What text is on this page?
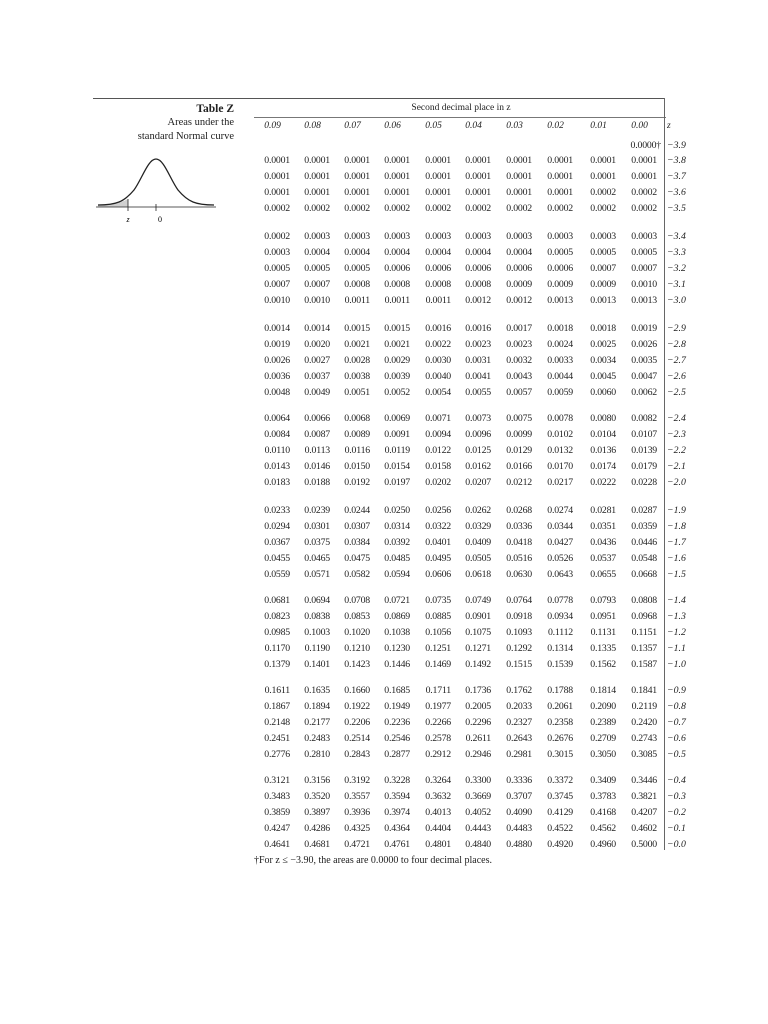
Table Z
Areas under the
standard Normal curve
z	0
Second decimal place in z
0.09	0.08	0.07	0.06	0.05	0.04	0.03	0.02	0.01	0.00	z
0.0000† −3.9
0.0001	0.0001	0.0001	0.0001	0.0001	0.0001	0.0001	0.0001	0.0001	0.0001 −3.8
0.0001	0.0001	0.0001	0.0001	0.0001	0.0001	0.0001	0.0001	0.0001	0.0001 −3.7
0.0001	0.0001	0.0001	0.0001	0.0001	0.0001	0.0001	0.0001	0.0002	0.0002 −3.6
0.0002	0.0002	0.0002	0.0002	0.0002	0.0002	0.0002	0.0002	0.0002	0.0002 −3.5
0.0002	0.0003	0.0003	0.0003	0.0003	0.0003	0.0003	0.0003	0.0003	0.0003 −3.4
0.0003	0.0004	0.0004	0.0004	0.0004	0.0004	0.0004	0.0005	0.0005	0.0005 −3.3
0.0005	0.0005	0.0005	0.0006	0.0006	0.0006	0.0006	0.0006	0.0007	0.0007 −3.2
0.0007	0.0007	0.0008	0.0008	0.0008	0.0008	0.0009	0.0009	0.0009	0.0010 −3.1
0.0010	0.0010	0.0011	0.0011	0.0011	0.0012	0.0012	0.0013	0.0013	0.0013 −3.0
0.0014	0.0014	0.0015	0.0015	0.0016	0.0016	0.0017	0.0018	0.0018	0.0019 −2.9
0.0019	0.0020	0.0021	0.0021	0.0022	0.0023	0.0023	0.0024	0.0025	0.0026 −2.8
0.0026	0.0027	0.0028	0.0029	0.0030	0.0031	0.0032	0.0033	0.0034	0.0035 −2.7
0.0036	0.0037	0.0038	0.0039	0.0040	0.0041	0.0043	0.0044	0.0045	0.0047 −2.6
0.0048	0.0049	0.0051	0.0052	0.0054	0.0055	0.0057	0.0059	0.0060	0.0062 −2.5
0.0064	0.0066	0.0068	0.0069	0.0071	0.0073	0.0075	0.0078	0.0080	0.0082 −2.4
0.0084	0.0087	0.0089	0.0091	0.0094	0.0096	0.0099	0.0102	0.0104	0.0107 −2.3
0.0110	0.0113	0.0116	0.0119	0.0122	0.0125	0.0129	0.0132	0.0136	0.0139 −2.2
0.0143	0.0146	0.0150	0.0154	0.0158	0.0162	0.0166	0.0170	0.0174	0.0179 −2.1
0.0183	0.0188	0.0192	0.0197	0.0202	0.0207	0.0212	0.0217	0.0222	0.0228 −2.0
0.0233	0.0239	0.0244	0.0250	0.0256	0.0262	0.0268	0.0274	0.0281	0.0287 −1.9
0.0294	0.0301	0.0307	0.0314	0.0322	0.0329	0.0336	0.0344	0.0351	0.0359 −1.8
0.0367	0.0375	0.0384	0.0392	0.0401	0.0409	0.0418	0.0427	0.0436	0.0446 −1.7
0.0455	0.0465	0.0475	0.0485	0.0495	0.0505	0.0516	0.0526	0.0537	0.0548 −1.6
0.0559	0.0571	0.0582	0.0594	0.0606	0.0618	0.0630	0.0643	0.0655	0.0668 −1.5
0.0681	0.0694	0.0708	0.0721	0.0735	0.0749	0.0764	0.0778	0.0793	0.0808 −1.4
0.0823	0.0838	0.0853	0.0869	0.0885	0.0901	0.0918	0.0934	0.0951	0.0968 −1.3
0.0985	0.1003	0.1020	0.1038	0.1056	0.1075	0.1093	0.1112	0.1131	0.1151 −1.2
0.1170	0.1190	0.1210	0.1230	0.1251	0.1271	0.1292	0.1314	0.1335	0.1357 −1.1
0.1379	0.1401	0.1423	0.1446	0.1469	0.1492	0.1515	0.1539	0.1562	0.1587 −1.0
0.1611	0.1635	0.1660	0.1685	0.1711	0.1736	0.1762	0.1788	0.1814	0.1841 −0.9
0.1867	0.1894	0.1922	0.1949	0.1977	0.2005	0.2033	0.2061	0.2090	0.2119 −0.8
0.2148	0.2177	0.2206	0.2236	0.2266	0.2296	0.2327	0.2358	0.2389	0.2420 −0.7
0.2451	0.2483	0.2514	0.2546	0.2578	0.2611	0.2643	0.2676	0.2709	0.2743 −0.6
0.2776	0.2810	0.2843	0.2877	0.2912	0.2946	0.2981	0.3015	0.3050	0.3085 −0.5
0.3121	0.3156	0.3192	0.3228	0.3264	0.3300	0.3336	0.3372	0.3409	0.3446 −0.4
0.3483	0.3520	0.3557	0.3594	0.3632	0.3669	0.3707	0.3745	0.3783	0.3821 −0.3
0.3859	0.3897	0.3936	0.3974	0.4013	0.4052	0.4090	0.4129	0.4168	0.4207 −0.2
0.4247	0.4286	0.4325	0.4364	0.4404	0.4443	0.4483	0.4522	0.4562	0.4602 −0.1
0.4641	0.4681	0.4721	0.4761	0.4801	0.4840	0.4880	0.4920	0.4960	0.5000 −0.0
†For z ≤ −3.90, the areas are 0.0000 to four decimal places.
